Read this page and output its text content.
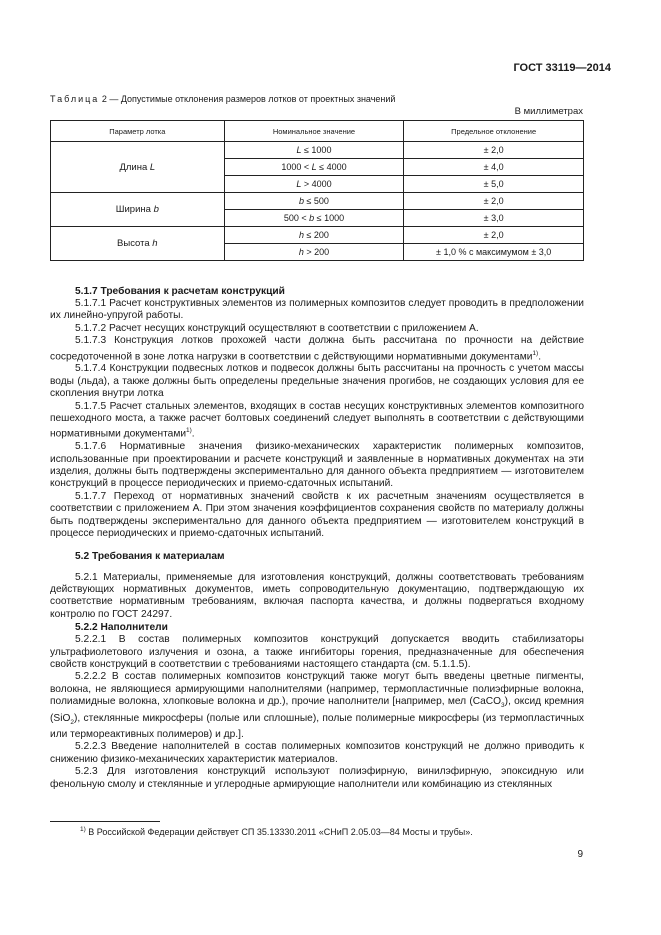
ГОСТ 33119—2014
Таблица 2 — Допустимые отклонения размеров лотков от проектных значений
В миллиметрах
Параметр лотка	Номинальное значение	Предельное отклонение
Длина L	L ≤ 1000	± 2,0
	1000 < L ≤ 4000	± 4,0
	L > 4000	± 5,0
Ширина b	b ≤ 500	± 2,0
	500 < b ≤ 1000	± 3,0
Высота h	h ≤ 200	± 2,0
	h > 200	± 1,0 % с максимумом ± 3,0
5.1.7 Требования к расчетам конструкций

5.1.7.1 Расчет конструктивных элементов из полимерных композитов следует проводить в предположении их линейно-упругой работы.

5.1.7.2 Расчет несущих конструкций осуществляют в соответствии с приложением А.

5.1.7.3 Конструкция лотков прохожей части должна быть рассчитана по прочности на действие сосредоточенной в зоне лотка нагрузки в соответствии с действующими нормативными документами$^{1)}$.

5.1.7.4 Конструкции подвесных лотков и подвесок должны быть рассчитаны на прочность с учетом массы воды (льда), а также должны быть определены предельные значения прогибов, не создающих условия для ее скопления внутри лотка

5.1.7.5 Расчет стальных элементов, входящих в состав несущих конструктивных элементов композитного пешеходного моста, а также расчет болтовых соединений следует выполнять в соответствии с действующими нормативными документами$^{1)}$.

5.1.7.6 Нормативные значения физико-механических характеристик полимерных композитов, использованные при проектировании и расчете конструкций и заявленные в нормативных документах на эти изделия, должны быть подтверждены экспериментально для данного объекта предприятием — изготовителем конструкций в процессе периодических и приемо-сдаточных испытаний.

5.1.7.7 Переход от нормативных значений свойств к их расчетным значениям осуществляется в соответствии с приложением А. При этом значения коэффициентов сохранения свойств по материалу должны быть подтверждены экспериментально для данного объекта предприятием — изготовителем конструкций в процессе периодических и приемо-сдаточных испытаний.

5.2 Требования к материалам

5.2.1 Материалы, применяемые для изготовления конструкций, должны соответствовать требованиям действующих нормативных документов, иметь сопроводительную документацию, подтверждающую их соответствие нормативным требованиям, включая паспорта качества, и должны подвергаться входному контролю по ГОСТ 24297.

5.2.2 Наполнители

5.2.2.1 В состав полимерных композитов конструкций допускается вводить стабилизаторы ультрафиолетового излучения и озона, а также ингибиторы горения, предназначенные для обеспечения свойств конструкций в соответствии с требованиями настоящего стандарта (см. 5.1.1.5).

5.2.2.2 В состав полимерных композитов конструкций также могут быть введены цветные пигменты, волокна, не являющиеся армирующими наполнителями (например, термопластичные полиэфирные волокна, полиамидные волокна, хлопковые волокна и др.), прочие наполнители [например, мел (CaCO$_3$), оксид кремния (SiO$_2$), стеклянные микросферы (полые или сплошные), полые полимерные микросферы (из термопластичных или термореактивных полимеров) и др.].

5.2.2.3 Введение наполнителей в состав полимерных композитов конструкций не должно приводить к снижению физико-механических характеристик материалов.

5.2.3 Для изготовления конструкций используют полиэфирную, винилэфирную, эпоксидную или фенольную смолу и стеклянные и углеродные армирующие наполнители или комбинацию из стеклянных

$^{1)}$ В Российской Федерации действует СП 35.13330.2011 «СНиП 2.05.03—84 Мосты и трубы».
9
